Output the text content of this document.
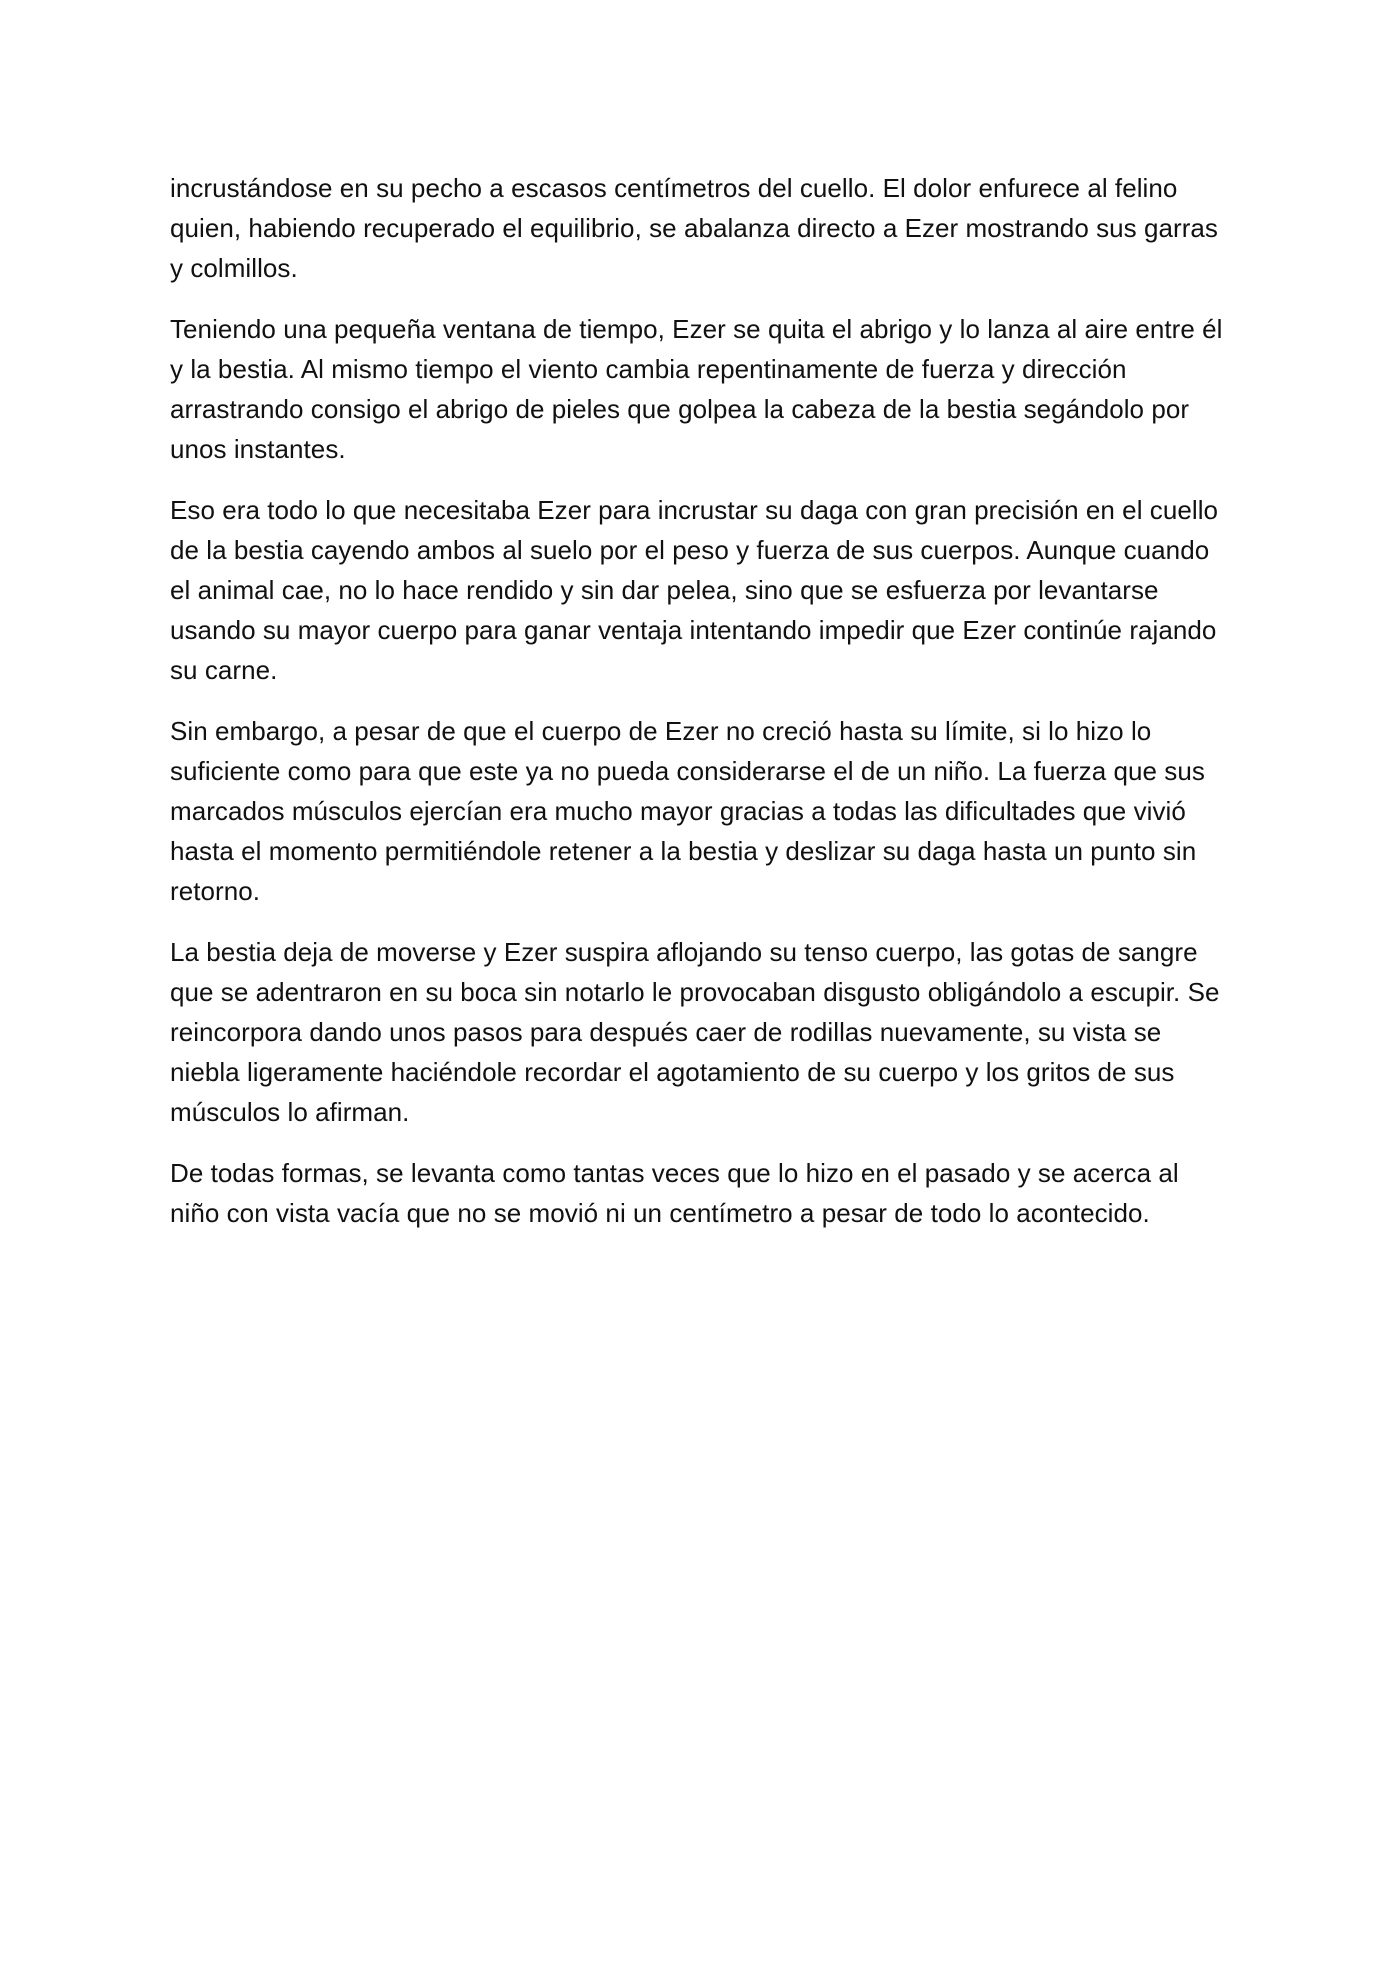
incrustándose en su pecho a escasos centímetros del cuello. El dolor enfurece al felino quien, habiendo recuperado el equilibrio, se abalanza directo a Ezer mostrando sus garras y colmillos.

Teniendo una pequeña ventana de tiempo, Ezer se quita el abrigo y lo lanza al aire entre él y la bestia. Al mismo tiempo el viento cambia repentinamente de fuerza y dirección arrastrando consigo el abrigo de pieles que golpea la cabeza de la bestia segándolo por unos instantes.

Eso era todo lo que necesitaba Ezer para incrustar su daga con gran precisión en el cuello de la bestia cayendo ambos al suelo por el peso y fuerza de sus cuerpos. Aunque cuando el animal cae, no lo hace rendido y sin dar pelea, sino que se esfuerza por levantarse usando su mayor cuerpo para ganar ventaja intentando impedir que Ezer continúe rajando su carne.

Sin embargo, a pesar de que el cuerpo de Ezer no creció hasta su límite, si lo hizo lo suficiente como para que este ya no pueda considerarse el de un niño. La fuerza que sus marcados músculos ejercían era mucho mayor gracias a todas las dificultades que vivió hasta el momento permitiéndole retener a la bestia y deslizar su daga hasta un punto sin retorno.

La bestia deja de moverse y Ezer suspira aflojando su tenso cuerpo, las gotas de sangre que se adentraron en su boca sin notarlo le provocaban disgusto obligándolo a escupir. Se reincorpora dando unos pasos para después caer de rodillas nuevamente, su vista se niebla ligeramente haciéndole recordar el agotamiento de su cuerpo y los gritos de sus músculos lo afirman.

De todas formas, se levanta como tantas veces que lo hizo en el pasado y se acerca al niño con vista vacía que no se movió ni un centímetro a pesar de todo lo acontecido.
